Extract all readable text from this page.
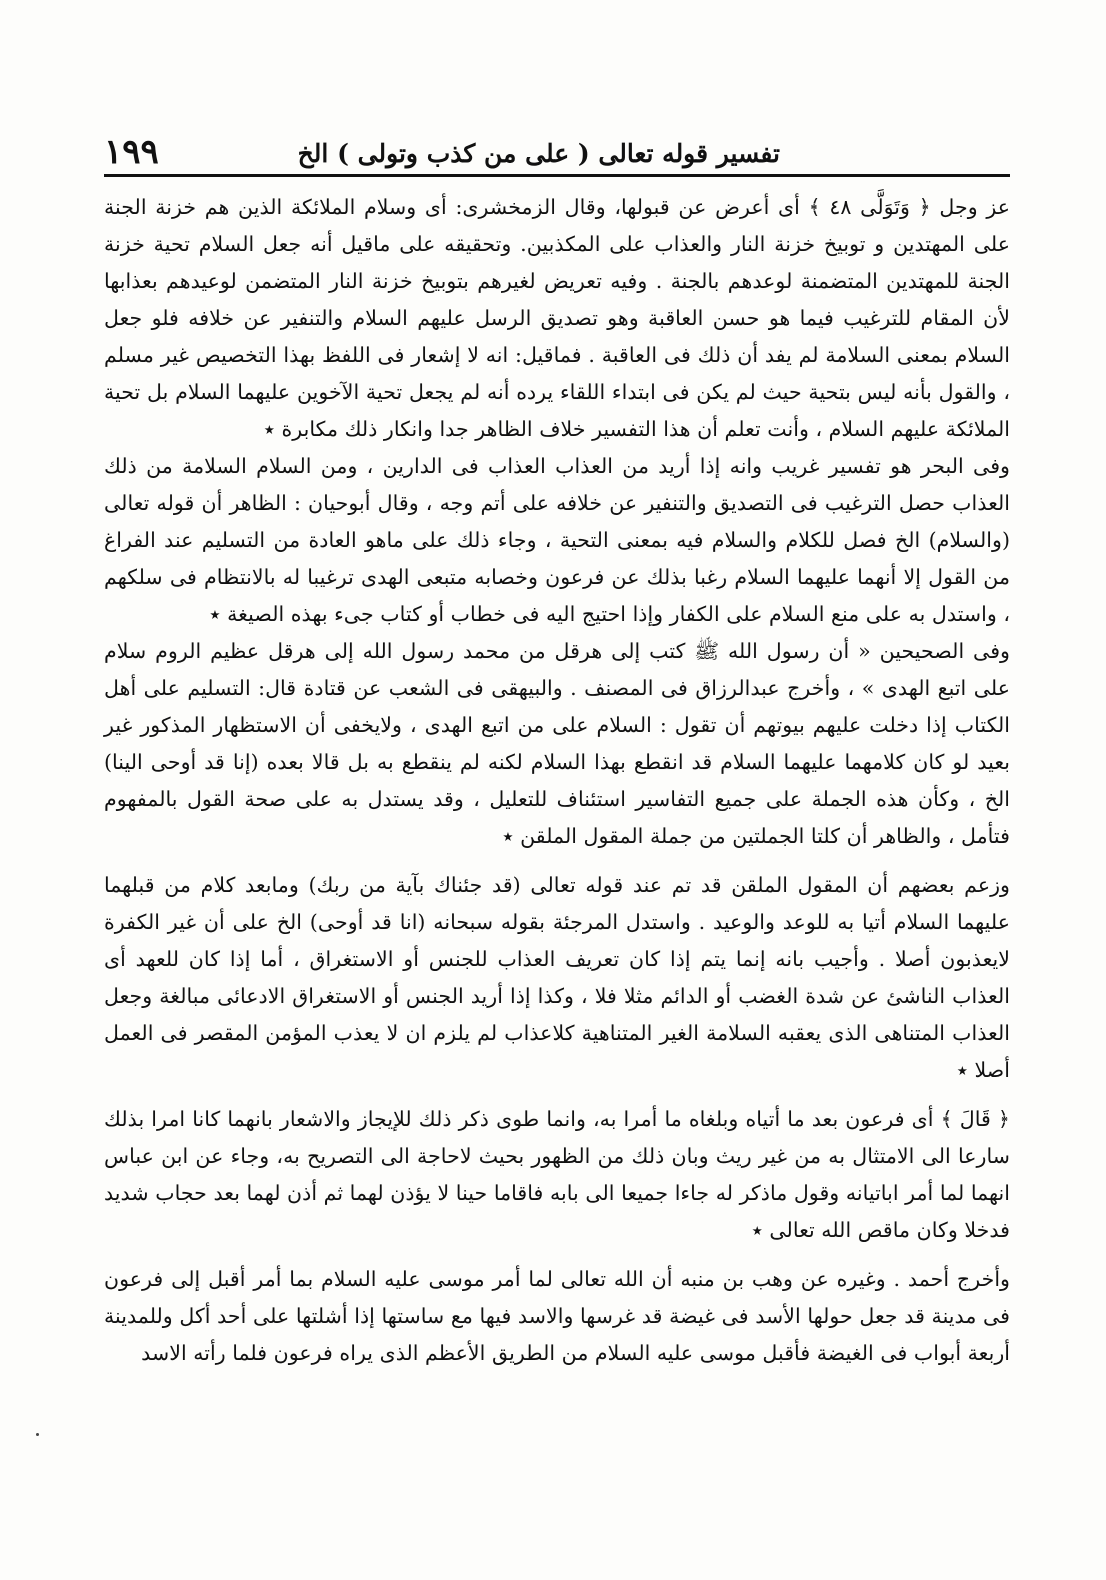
تفسير قوله تعالى ( على من كذب وتولى ) الخ
١٩٩

عز وجل ﴿ وَتَوَلَّى ٤٨ ﴾ أى أعرض عن قبولها، وقال الزمخشرى: أى وسلام الملائكة الذين هم خزنة الجنة على المهتدين و توبيخ خزنة النار والعذاب على المكذبين. وتحقيقه على ماقيل أنه جعل السلام تحية خزنة الجنة للمهتدين المتضمنة لوعدهم بالجنة . وفيه تعريض لغيرهم بتوبيخ خزنة النار المتضمن لوعيدهم بعذابها لأن المقام للترغيب فيما هو حسن العاقبة وهو تصديق الرسل عليهم السلام والتنفير عن خلافه فلو جعل السلام بمعنى السلامة لم يفد أن ذلك فى العاقبة . فماقيل: انه لا إشعار فى اللفظ بهذا التخصيص غير مسلم ، والقول بأنه ليس بتحية حيث لم يكن فى ابتداء اللقاء يرده أنه لم يجعل تحية الآخوين عليهما السلام بل تحية الملائكة عليهم السلام ، وأنت تعلم أن هذا التفسير خلاف الظاهر جدا وانكار ذلك مكابرة ٭

وفى البحر هو تفسير غريب وانه إذا أريد من العذاب العذاب فى الدارين ، ومن السلام السلامة من ذلك العذاب حصل الترغيب فى التصديق والتنفير عن خلافه على أتم وجه ، وقال أبوحيان : الظاهر أن قوله تعالى (والسلام) الخ فصل للكلام والسلام فيه بمعنى التحية ، وجاء ذلك على ماهو العادة من التسليم عند الفراغ من القول إلا أنهما عليهما السلام رغبا بذلك عن فرعون وخصابه متبعى الهدى ترغيبا له بالانتظام فى سلكهم ، واستدل به على منع السلام على الكفار وإذا احتيج اليه فى خطاب أو كتاب جىء بهذه الصيغة ٭

وفى الصحيحين « أن رسول الله ﷺ كتب إلى هرقل من محمد رسول الله إلى هرقل عظيم الروم سلام على اتبع الهدى » ، وأخرج عبدالرزاق فى المصنف . والبيهقى فى الشعب عن قتادة قال: التسليم على أهل الكتاب إذا دخلت عليهم بيوتهم أن تقول : السلام على من اتبع الهدى ، ولايخفى أن الاستظهار المذكور غير بعيد لو كان كلامهما عليهما السلام قد انقطع بهذا السلام لكنه لم ينقطع به بل قالا بعده (إنا قد أوحى الينا) الخ ، وكأن هذه الجملة على جميع التفاسير استئناف للتعليل ، وقد يستدل به على صحة القول بالمفهوم فتأمل ، والظاهر أن كلتا الجملتين من جملة المقول الملقن ٭

وزعم بعضهم أن المقول الملقن قد تم عند قوله تعالى (قد جئناك بآية من ربك) ومابعد كلام من قبلهما عليهما السلام أتيا به للوعد والوعيد . واستدل المرجئة بقوله سبحانه (انا قد أوحى) الخ على أن غير الكفرة لايعذبون أصلا . وأجيب بانه إنما يتم إذا كان تعريف العذاب للجنس أو الاستغراق ، أما إذا كان للعهد أى العذاب الناشئ عن شدة الغضب أو الدائم مثلا فلا ، وكذا إذا أريد الجنس أو الاستغراق الادعائى مبالغة وجعل العذاب المتناهى الذى يعقبه السلامة الغير المتناهية كلاعذاب لم يلزم ان لا يعذب المؤمن المقصر فى العمل أصلا ٭

﴿ قَالَ ﴾ أى فرعون بعد ما أتياه وبلغاه ما أمرا به، وانما طوى ذكر ذلك للإيجاز والاشعار بانهما كانا امرا بذلك سارعا الى الامتثال به من غير ريث وبان ذلك من الظهور بحيث لاحاجة الى التصريح به، وجاء عن ابن عباس انهما لما أمر اباتيانه وقول ماذكر له جاءا جميعا الى بابه فاقاما حينا لا يؤذن لهما ثم أذن لهما بعد حجاب شديد فدخلا وكان ماقص الله تعالى ٭

وأخرج أحمد . وغيره عن وهب بن منبه أن الله تعالى لما أمر موسى عليه السلام بما أمر أقبل إلى فرعون فى مدينة قد جعل حولها الأسد فى غيضة قد غرسها والاسد فيها مع ساستها إذا أشلتها على أحد أكل وللمدينة أربعة أبواب فى الغيضة فأقبل موسى عليه السلام من الطريق الأعظم الذى يراه فرعون فلما رأته الاسد
